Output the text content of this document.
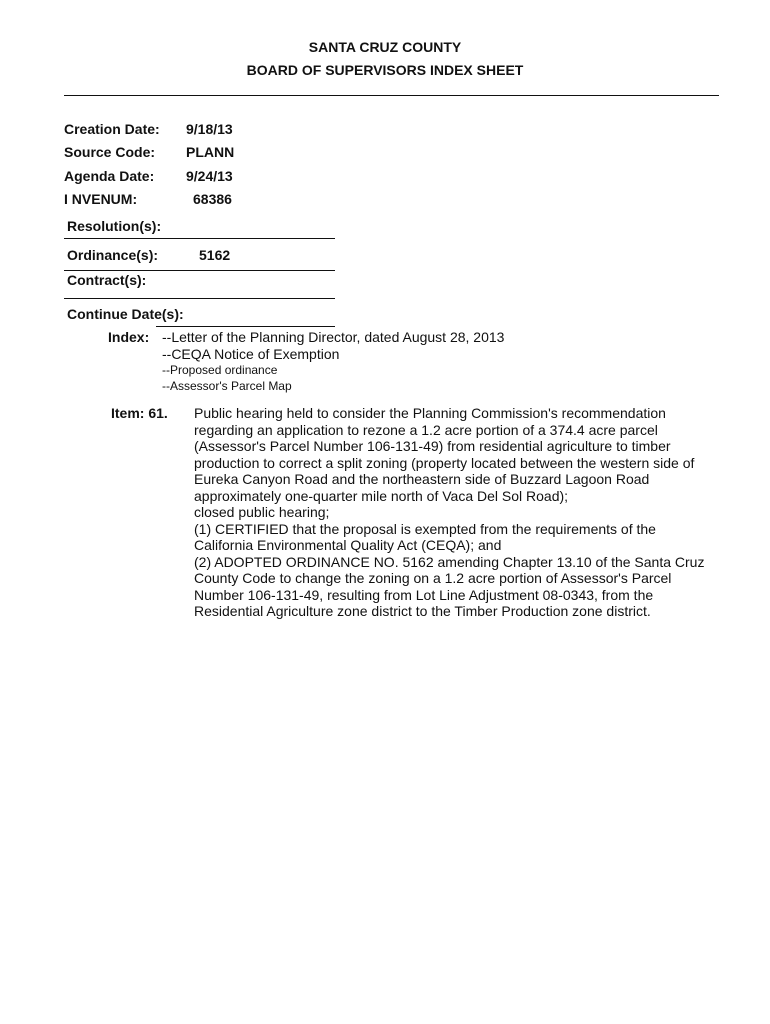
SANTA CRUZ COUNTY
BOARD OF SUPERVISORS INDEX SHEET
Creation Date: 9/18/13
Source Code: PLANN
Agenda Date: 9/24/13
I NVENUM:	68386
Resolution(s):
Ordinance(s):	5162
Contract(s):
Continue Date(s):
Index: --Letter of the Planning Director, dated August 28, 2013
--CEQA Notice of Exemption
--Proposed ordinance
--Assessor's Parcel Map
Item: 61. Public hearing held to consider the Planning Commission's recommendation
regarding an application to rezone a 1.2 acre portion of a 374.4 acre parcel
(Assessor's Parcel Number 106-131-49) from residential agriculture to timber
production to correct a split zoning (property located between the western side of
Eureka Canyon Road and the northeastern side of Buzzard Lagoon Road
approximately one-quarter mile north of Vaca Del Sol Road);
closed public hearing;
(1) CERTIFIED that the proposal is exempted from the requirements of the
California Environmental Quality Act (CEQA); and
(2) ADOPTED ORDINANCE NO. 5162 amending Chapter 13.10 of the Santa Cruz
County Code to change the zoning on a 1.2 acre portion of Assessor's Parcel
Number 106-131-49, resulting from Lot Line Adjustment 08-0343, from the
Residential Agriculture zone district to the Timber Production zone district.
